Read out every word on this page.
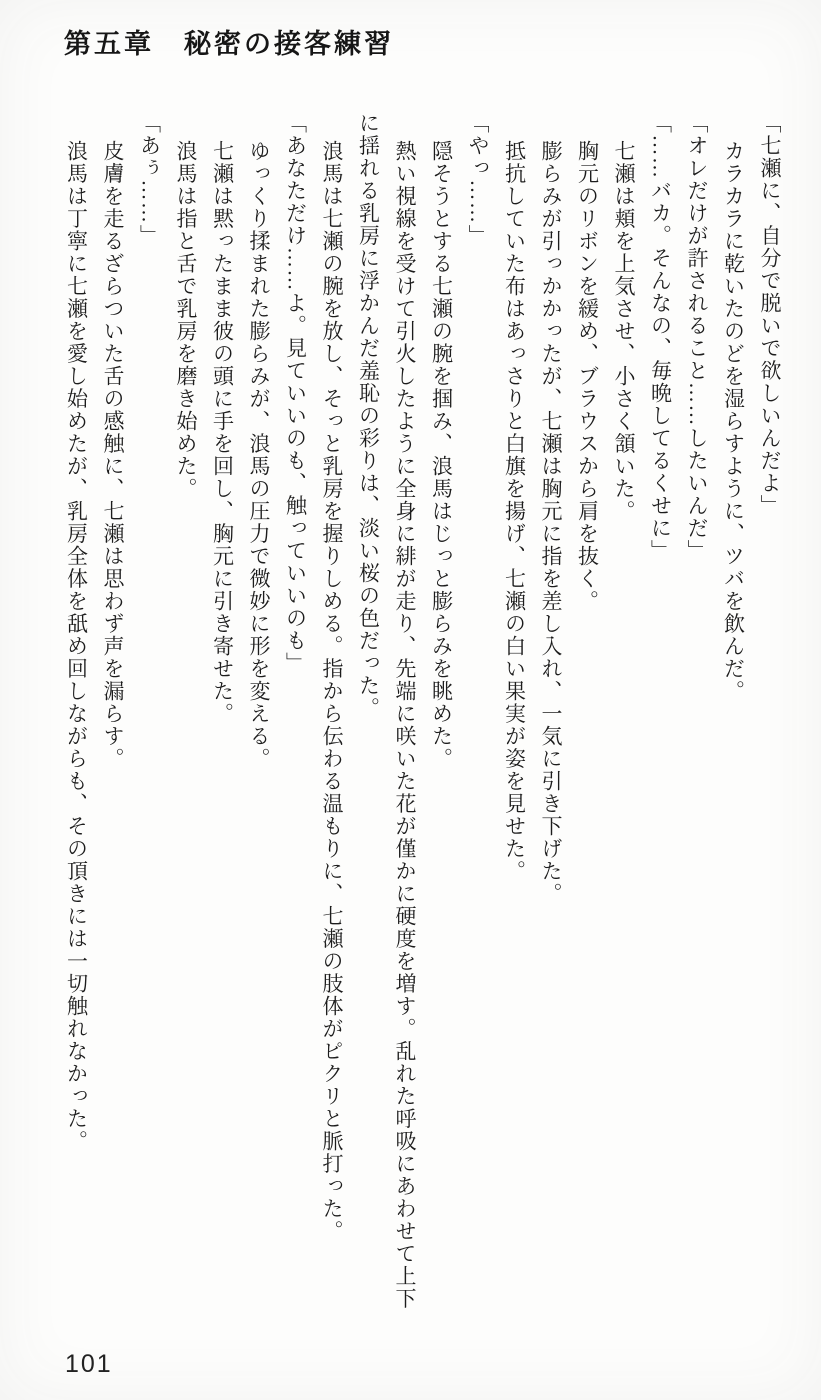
第五章　秘密の接客練習

「七瀬に、自分で脱いで欲しいんだよ」

カラカラに乾いたのどを湿らすように、ツバを飲んだ。

「オレだけが許されること……したいんだ」

「……バカ。そんなの、毎晩してるくせに」

七瀬は頬を上気させ、小さく頷いた。

胸元のリボンを緩め、ブラウスから肩を抜く。

膨らみが引っかかったが、七瀬は胸元に指を差し入れ、一気に引き下げた。

抵抗していた布はあっさりと白旗を揚げ、七瀬の白い果実が姿を見せた。

「やっ……」

隠そうとする七瀬の腕を掴み、浪馬はじっと膨らみを眺めた。

熱い視線を受けて引火したように全身に緋が走り、先端に咲いた花が僅かに硬度を増す。乱れた呼吸にあわせて上下

に揺れる乳房に浮かんだ羞恥の彩りは、淡い桜の色だった。

浪馬は七瀬の腕を放し、そっと乳房を握りしめる。指から伝わる温もりに、七瀬の肢体がピクリと脈打った。

「あなただけ……よ。見ていいのも、触っていいのも」

ゆっくり揉まれた膨らみが、浪馬の圧力で微妙に形を変える。

七瀬は黙ったまま彼の頭に手を回し、胸元に引き寄せた。

浪馬は指と舌で乳房を磨き始めた。

「あぅ……」

皮膚を走るざらついた舌の感触に、七瀬は思わず声を漏らす。

浪馬は丁寧に七瀬を愛し始めたが、乳房全体を舐め回しながらも、その頂きには一切触れなかった。

101
